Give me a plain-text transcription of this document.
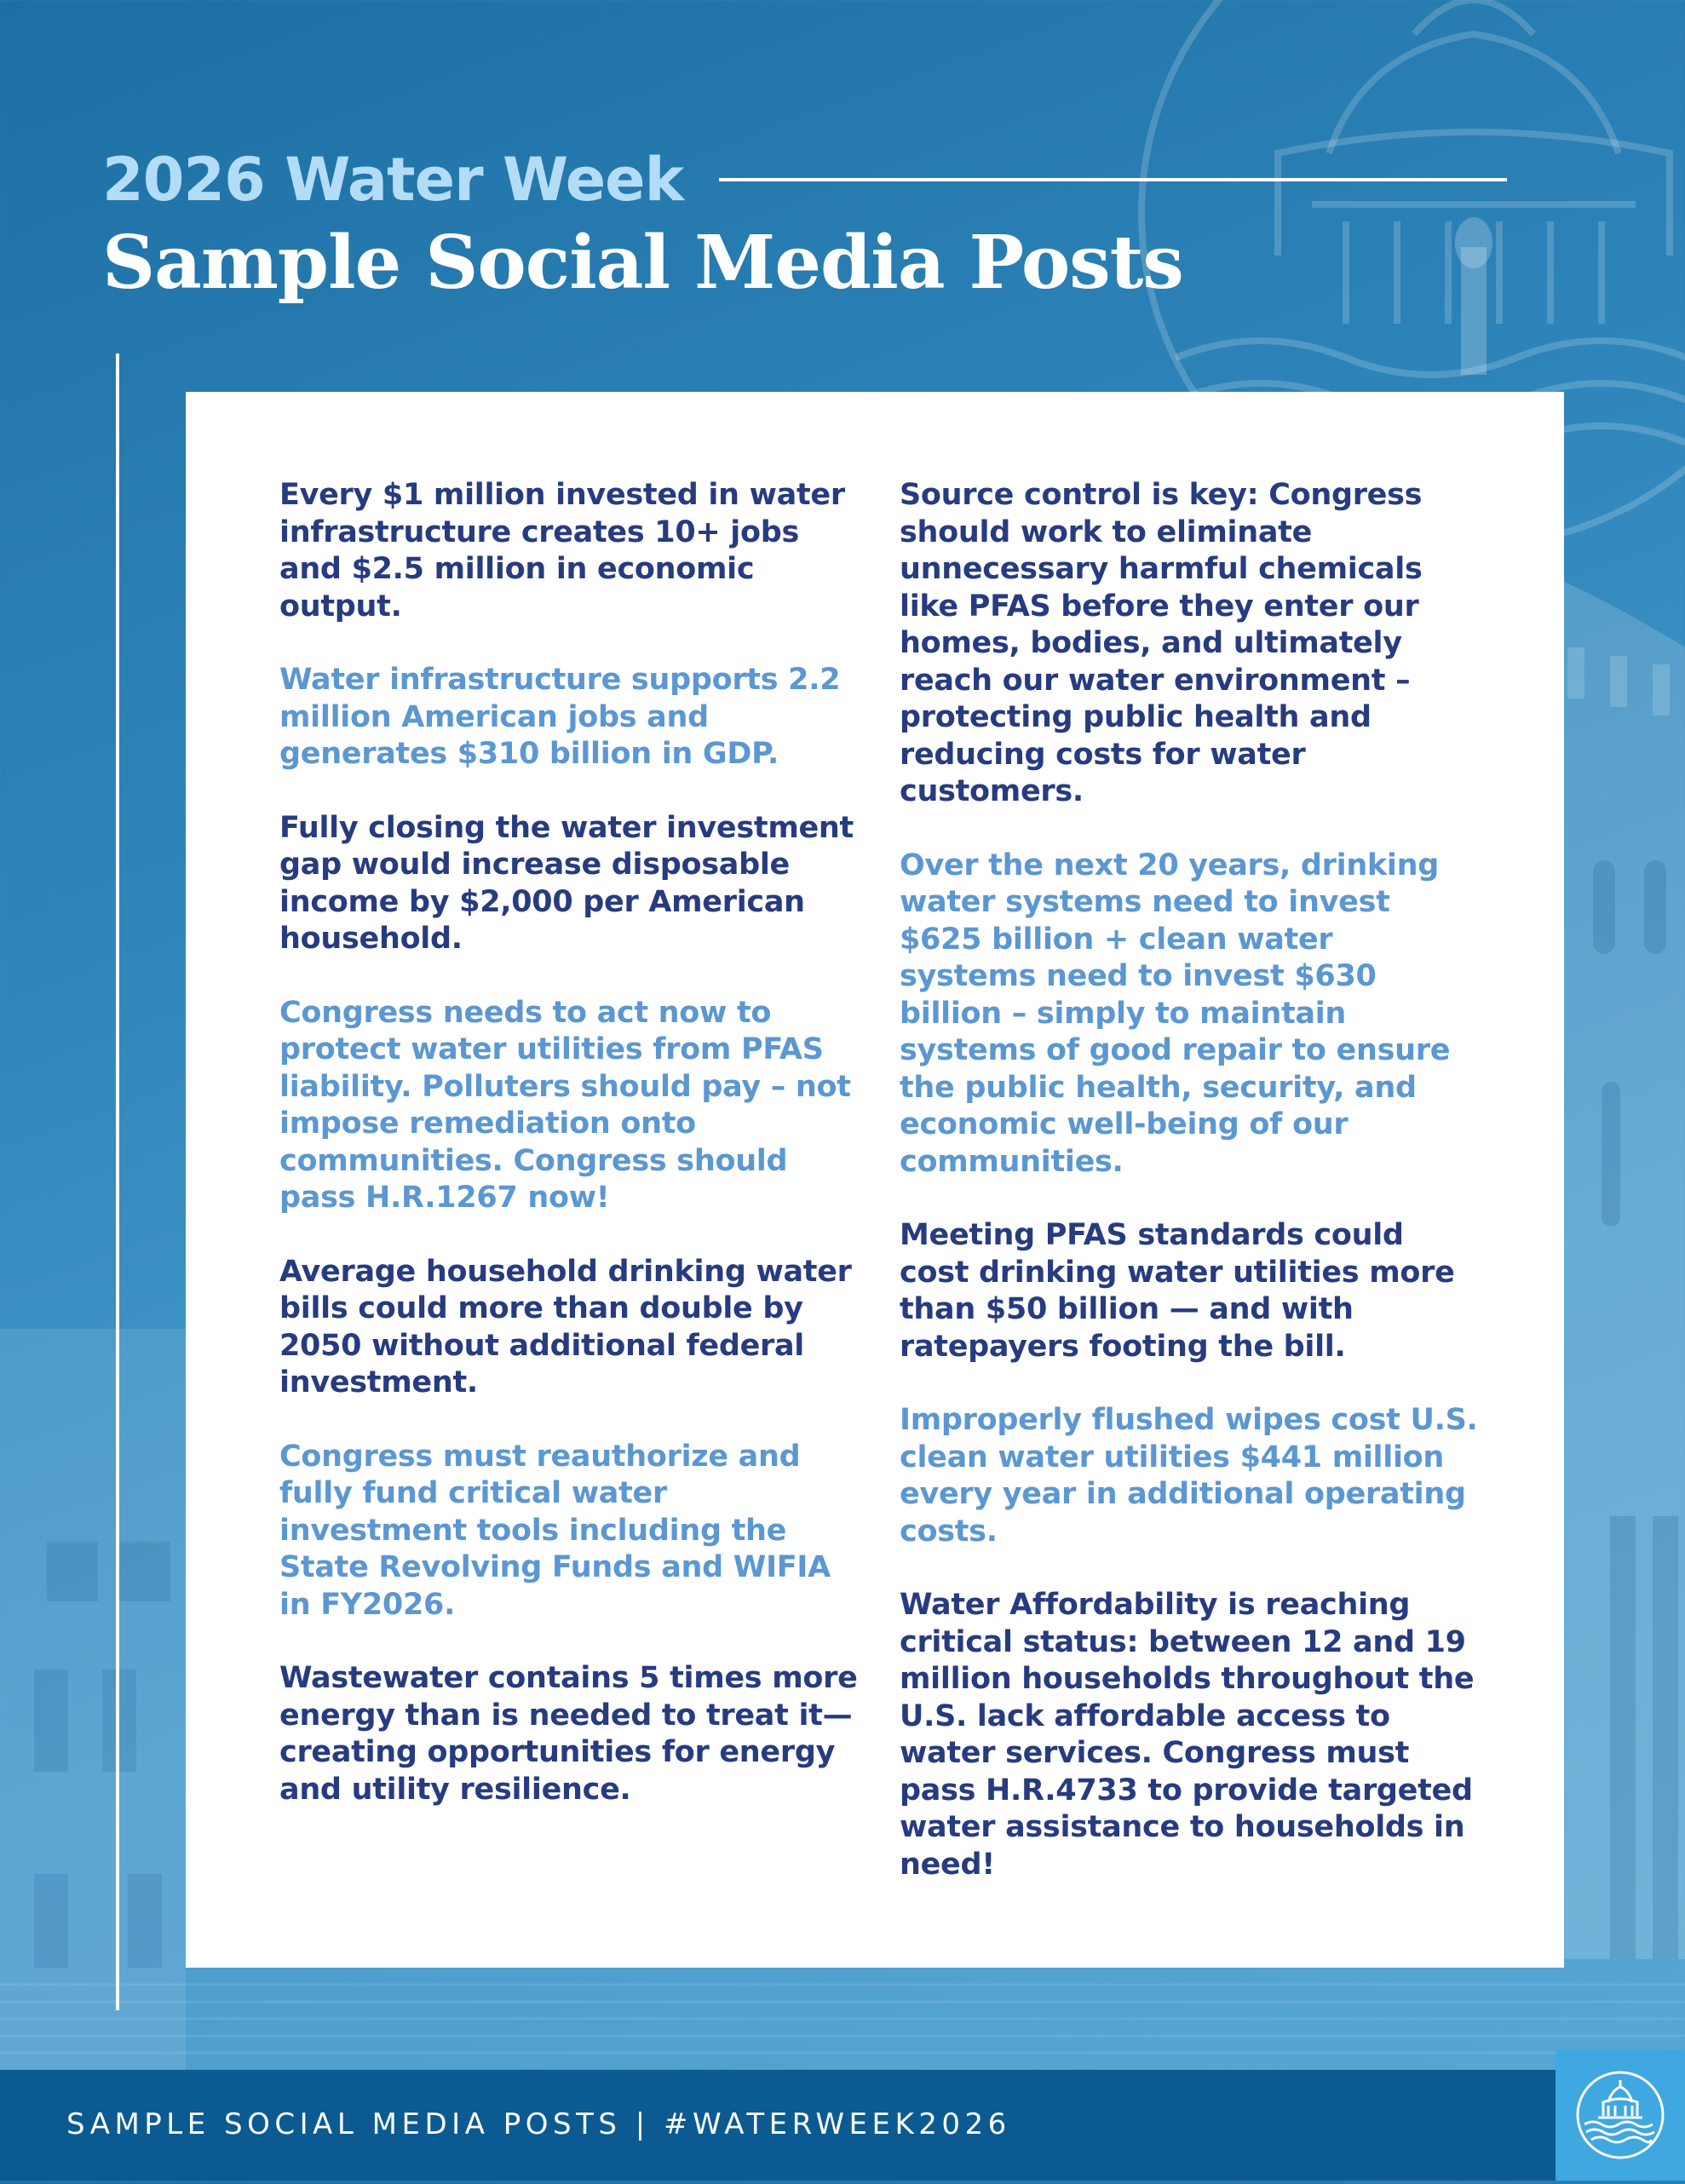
2026 Water Week
Sample Social Media Posts

Every $1 million invested in water infrastructure creates 10+ jobs and $2.5 million in economic output.

Water infrastructure supports 2.2 million American jobs and generates $310 billion in GDP.

Fully closing the water investment gap would increase disposable income by $2,000 per American household.

Congress needs to act now to protect water utilities from PFAS liability. Polluters should pay – not impose remediation onto communities. Congress should pass H.R.1267 now!

Average household drinking water bills could more than double by 2050 without additional federal investment.

Congress must reauthorize and fully fund critical water investment tools including the State Revolving Funds and WIFIA in FY2026.

Wastewater contains 5 times more energy than is needed to treat it—creating opportunities for energy and utility resilience.

Source control is key: Congress should work to eliminate unnecessary harmful chemicals like PFAS before they enter our homes, bodies, and ultimately reach our water environment – protecting public health and reducing costs for water customers.

Over the next 20 years, drinking water systems need to invest $625 billion + clean water systems need to invest $630 billion – simply to maintain systems of good repair to ensure the public health, security, and economic well-being of our communities.

Meeting PFAS standards could cost drinking water utilities more than $50 billion — and with ratepayers footing the bill.

Improperly flushed wipes cost U.S. clean water utilities $441 million every year in additional operating costs.

Water Affordability is reaching critical status: between 12 and 19 million households throughout the U.S. lack affordable access to water services. Congress must pass H.R.4733 to provide targeted water assistance to households in need!

SAMPLE SOCIAL MEDIA POSTS | #WATERWEEK2026
